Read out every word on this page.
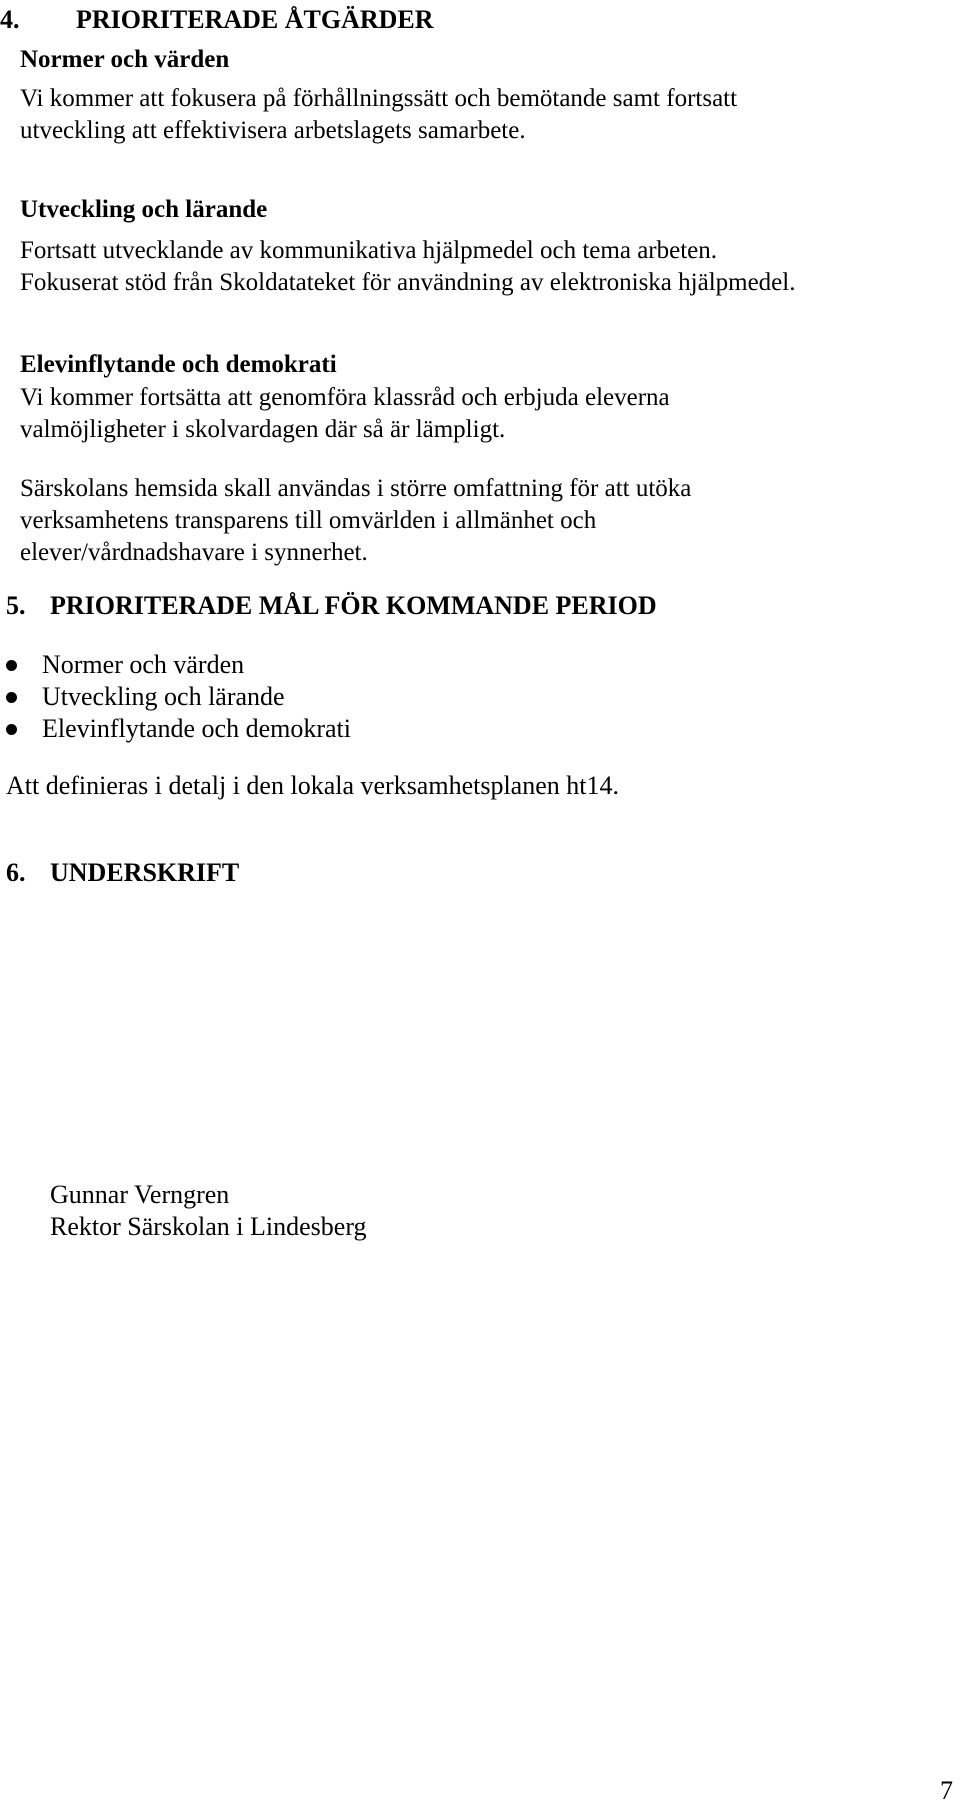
4. PRIORITERADE ÅTGÄRDER
Normer och värden
Vi kommer att fokusera på förhållningssätt och bemötande samt fortsatt
utveckling att effektivisera arbetslagets samarbete.
Utveckling och lärande
Fortsatt utvecklande av kommunikativa hjälpmedel och tema arbeten.
Fokuserat stöd från Skoldatateket för användning av elektroniska hjälpmedel.
Elevinflytande och demokrati
Vi kommer fortsätta att genomföra klassråd och erbjuda eleverna
valmöjligheter i skolvardagen där så är lämpligt.
Särskolans hemsida skall användas i större omfattning för att utöka
verksamhetens transparens till omvärlden i allmänhet och
elever/vårdnadshavare i synnerhet.
5. PRIORITERADE MÅL FÖR KOMMANDE PERIOD
Normer och värden
Utveckling och lärande
Elevinflytande och demokrati
Att definieras i detalj i den lokala verksamhetsplanen ht14.
6. UNDERSKRIFT
Gunnar Verngren
Rektor Särskolan i Lindesberg
7
